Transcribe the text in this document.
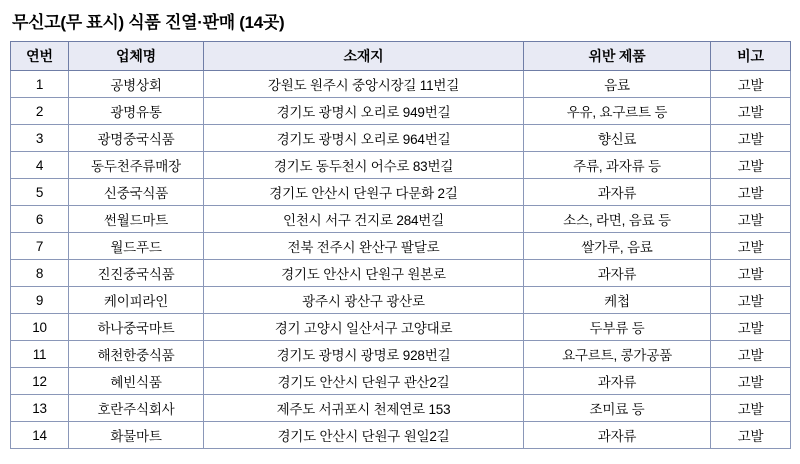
무신고(무 표시) 식품 진열·판매 (14곳)
연번	업체명	소재지	위반 제품	비고
1	공병상회	강원도 원주시 중앙시장길 11번길	음료	고발
2	광명유통	경기도 광명시 오리로 949번길	우유, 요구르트 등	고발
3	광명중국식품	경기도 광명시 오리로 964번길	향신료	고발
4	동두천주류매장	경기도 동두천시 어수로 83번길	주류, 과자류 등	고발
5	신중국식품	경기도 안산시 단원구 다문화 2길	과자류	고발
6	썬월드마트	인천시 서구 건지로 284번길	소스, 라면, 음료 등	고발
7	월드푸드	전북 전주시 완산구 팔달로	쌀가루, 음료	고발
8	진진중국식품	경기도 안산시 단원구 원본로	과자류	고발
9	케이피라인	광주시 광산구 광산로	케첩	고발
10	하나중국마트	경기 고양시 일산서구 고양대로	두부류 등	고발
11	해천한중식품	경기도 광명시 광명로 928번길	요구르트, 콩가공품	고발
12	혜빈식품	경기도 안산시 단원구 관산2길	과자류	고발
13	호란주식회사	제주도 서귀포시 천제연로 153	조미료 등	고발
14	화물마트	경기도 안산시 단원구 원일2길	과자류	고발
